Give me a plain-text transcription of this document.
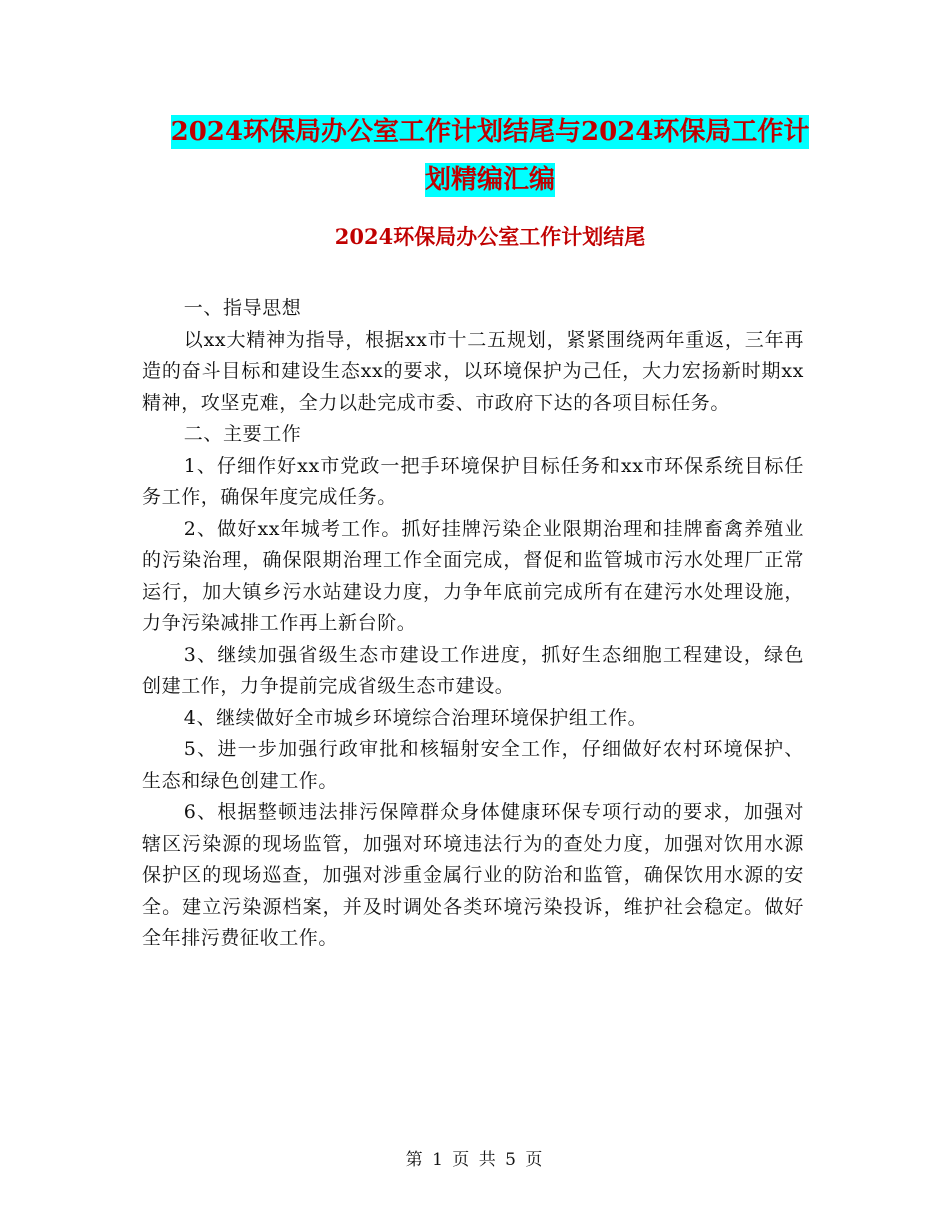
2024环保局办公室工作计划结尾与2024环保局工作计
划精编汇编
2024环保局办公室工作计划结尾

一、指导思想

以xx大精神为指导，根据xx市十二五规划，紧紧围绕两年重返，三年再造的奋斗目标和建设生态xx的要求，以环境保护为己任，大力宏扬新时期xx精神，攻坚克难，全力以赴完成市委、市政府下达的各项目标任务。

二、主要工作

1、仔细作好xx市党政一把手环境保护目标任务和xx市环保系统目标任务工作，确保年度完成任务。

2、做好xx年城考工作。抓好挂牌污染企业限期治理和挂牌畜禽养殖业的污染治理，确保限期治理工作全面完成，督促和监管城市污水处理厂正常运行，加大镇乡污水站建设力度，力争年底前完成所有在建污水处理设施，力争污染减排工作再上新台阶。

3、继续加强省级生态市建设工作进度，抓好生态细胞工程建设，绿色创建工作，力争提前完成省级生态市建设。

4、继续做好全市城乡环境综合治理环境保护组工作。

5、进一步加强行政审批和核辐射安全工作，仔细做好农村环境保护、生态和绿色创建工作。

6、根据整顿违法排污保障群众身体健康环保专项行动的要求，加强对辖区污染源的现场监管，加强对环境违法行为的查处力度，加强对饮用水源保护区的现场巡查，加强对涉重金属行业的防治和监管，确保饮用水源的安全。建立污染源档案，并及时调处各类环境污染投诉，维护社会稳定。做好全年排污费征收工作。

第 1 页 共 5 页
